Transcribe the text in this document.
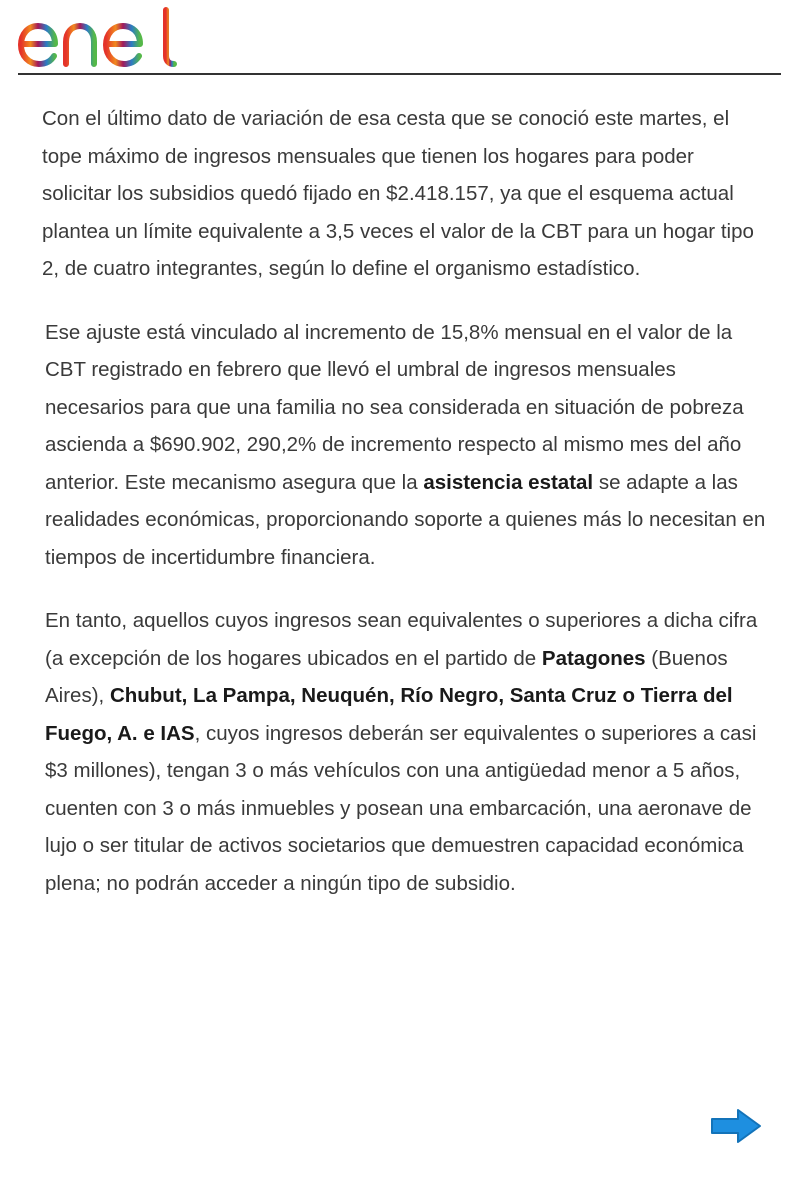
Con el último dato de variación de esa cesta que se conoció este martes, el tope máximo de ingresos mensuales que tienen los hogares para poder solicitar los subsidios quedó fijado en $2.418.157, ya que el esquema actual plantea un límite equivalente a 3,5 veces el valor de la CBT para un hogar tipo 2, de cuatro integrantes, según lo define el organismo estadístico.

Ese ajuste está vinculado al incremento de 15,8% mensual en el valor de la CBT registrado en febrero que llevó el umbral de ingresos mensuales necesarios para que una familia no sea considerada en situación de pobreza ascienda a $690.902, 290,2% de incremento respecto al mismo mes del año anterior. Este mecanismo asegura que la asistencia estatal se adapte a las realidades económicas, proporcionando soporte a quienes más lo necesitan en tiempos de incertidumbre financiera.

En tanto, aquellos cuyos ingresos sean equivalentes o superiores a dicha cifra (a excepción de los hogares ubicados en el partido de Patagones (Buenos Aires), Chubut, La Pampa, Neuquén, Río Negro, Santa Cruz o Tierra del Fuego, A. e IAS, cuyos ingresos deberán ser equivalentes o superiores a casi $3 millones), tengan 3 o más vehículos con una antigüedad menor a 5 años, cuenten con 3 o más inmuebles y posean una embarcación, una aeronave de lujo o ser titular de activos societarios que demuestren capacidad económica plena; no podrán acceder a ningún tipo de subsidio.
